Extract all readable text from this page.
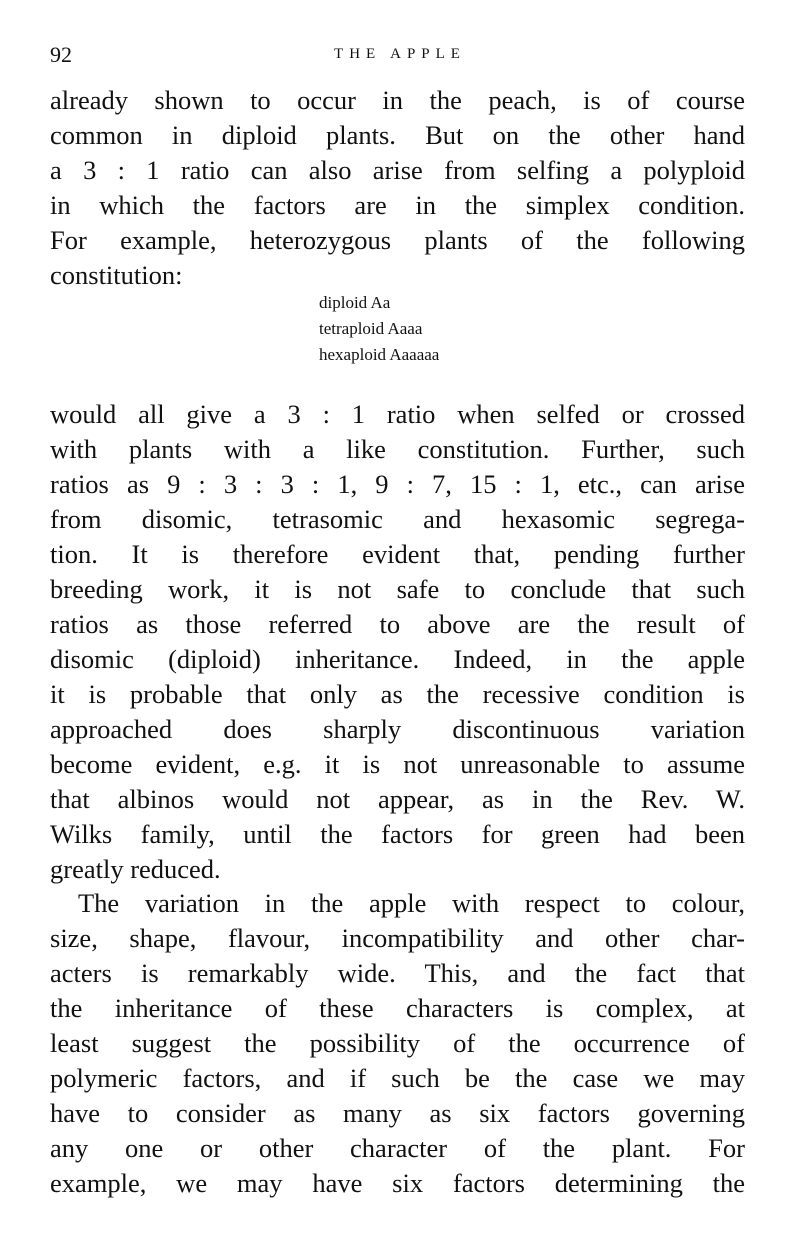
92	THE APPLE
already shown to occur in the peach, is of course
common in diploid plants. But on the other hand
a 3 : 1 ratio can also arise from selfing a polyploid
in which the factors are in the simplex condition.
For example, heterozygous plants of the following
constitution:
diploid Aa
tetraploid Aaaa
hexaploid Aaaaaa
would all give a 3 : 1 ratio when selfed or crossed
with plants with a like constitution. Further, such
ratios as 9 : 3 : 3 : 1, 9 : 7, 15 : 1, etc., can arise
from disomic, tetrasomic and hexasomic segrega-
tion. It is therefore evident that, pending further
breeding work, it is not safe to conclude that such
ratios as those referred to above are the result of
disomic (diploid) inheritance. Indeed, in the apple
it is probable that only as the recessive condition is
approached does sharply discontinuous variation
become evident, e.g. it is not unreasonable to assume
that albinos would not appear, as in the Rev. W.
Wilks family, until the factors for green had been
greatly reduced.
The variation in the apple with respect to colour,
size, shape, flavour, incompatibility and other char-
acters is remarkably wide. This, and the fact that
the inheritance of these characters is complex, at
least suggest the possibility of the occurrence of
polymeric factors, and if such be the case we may
have to consider as many as six factors governing
any one or other character of the plant. For
example, we may have six factors determining the
